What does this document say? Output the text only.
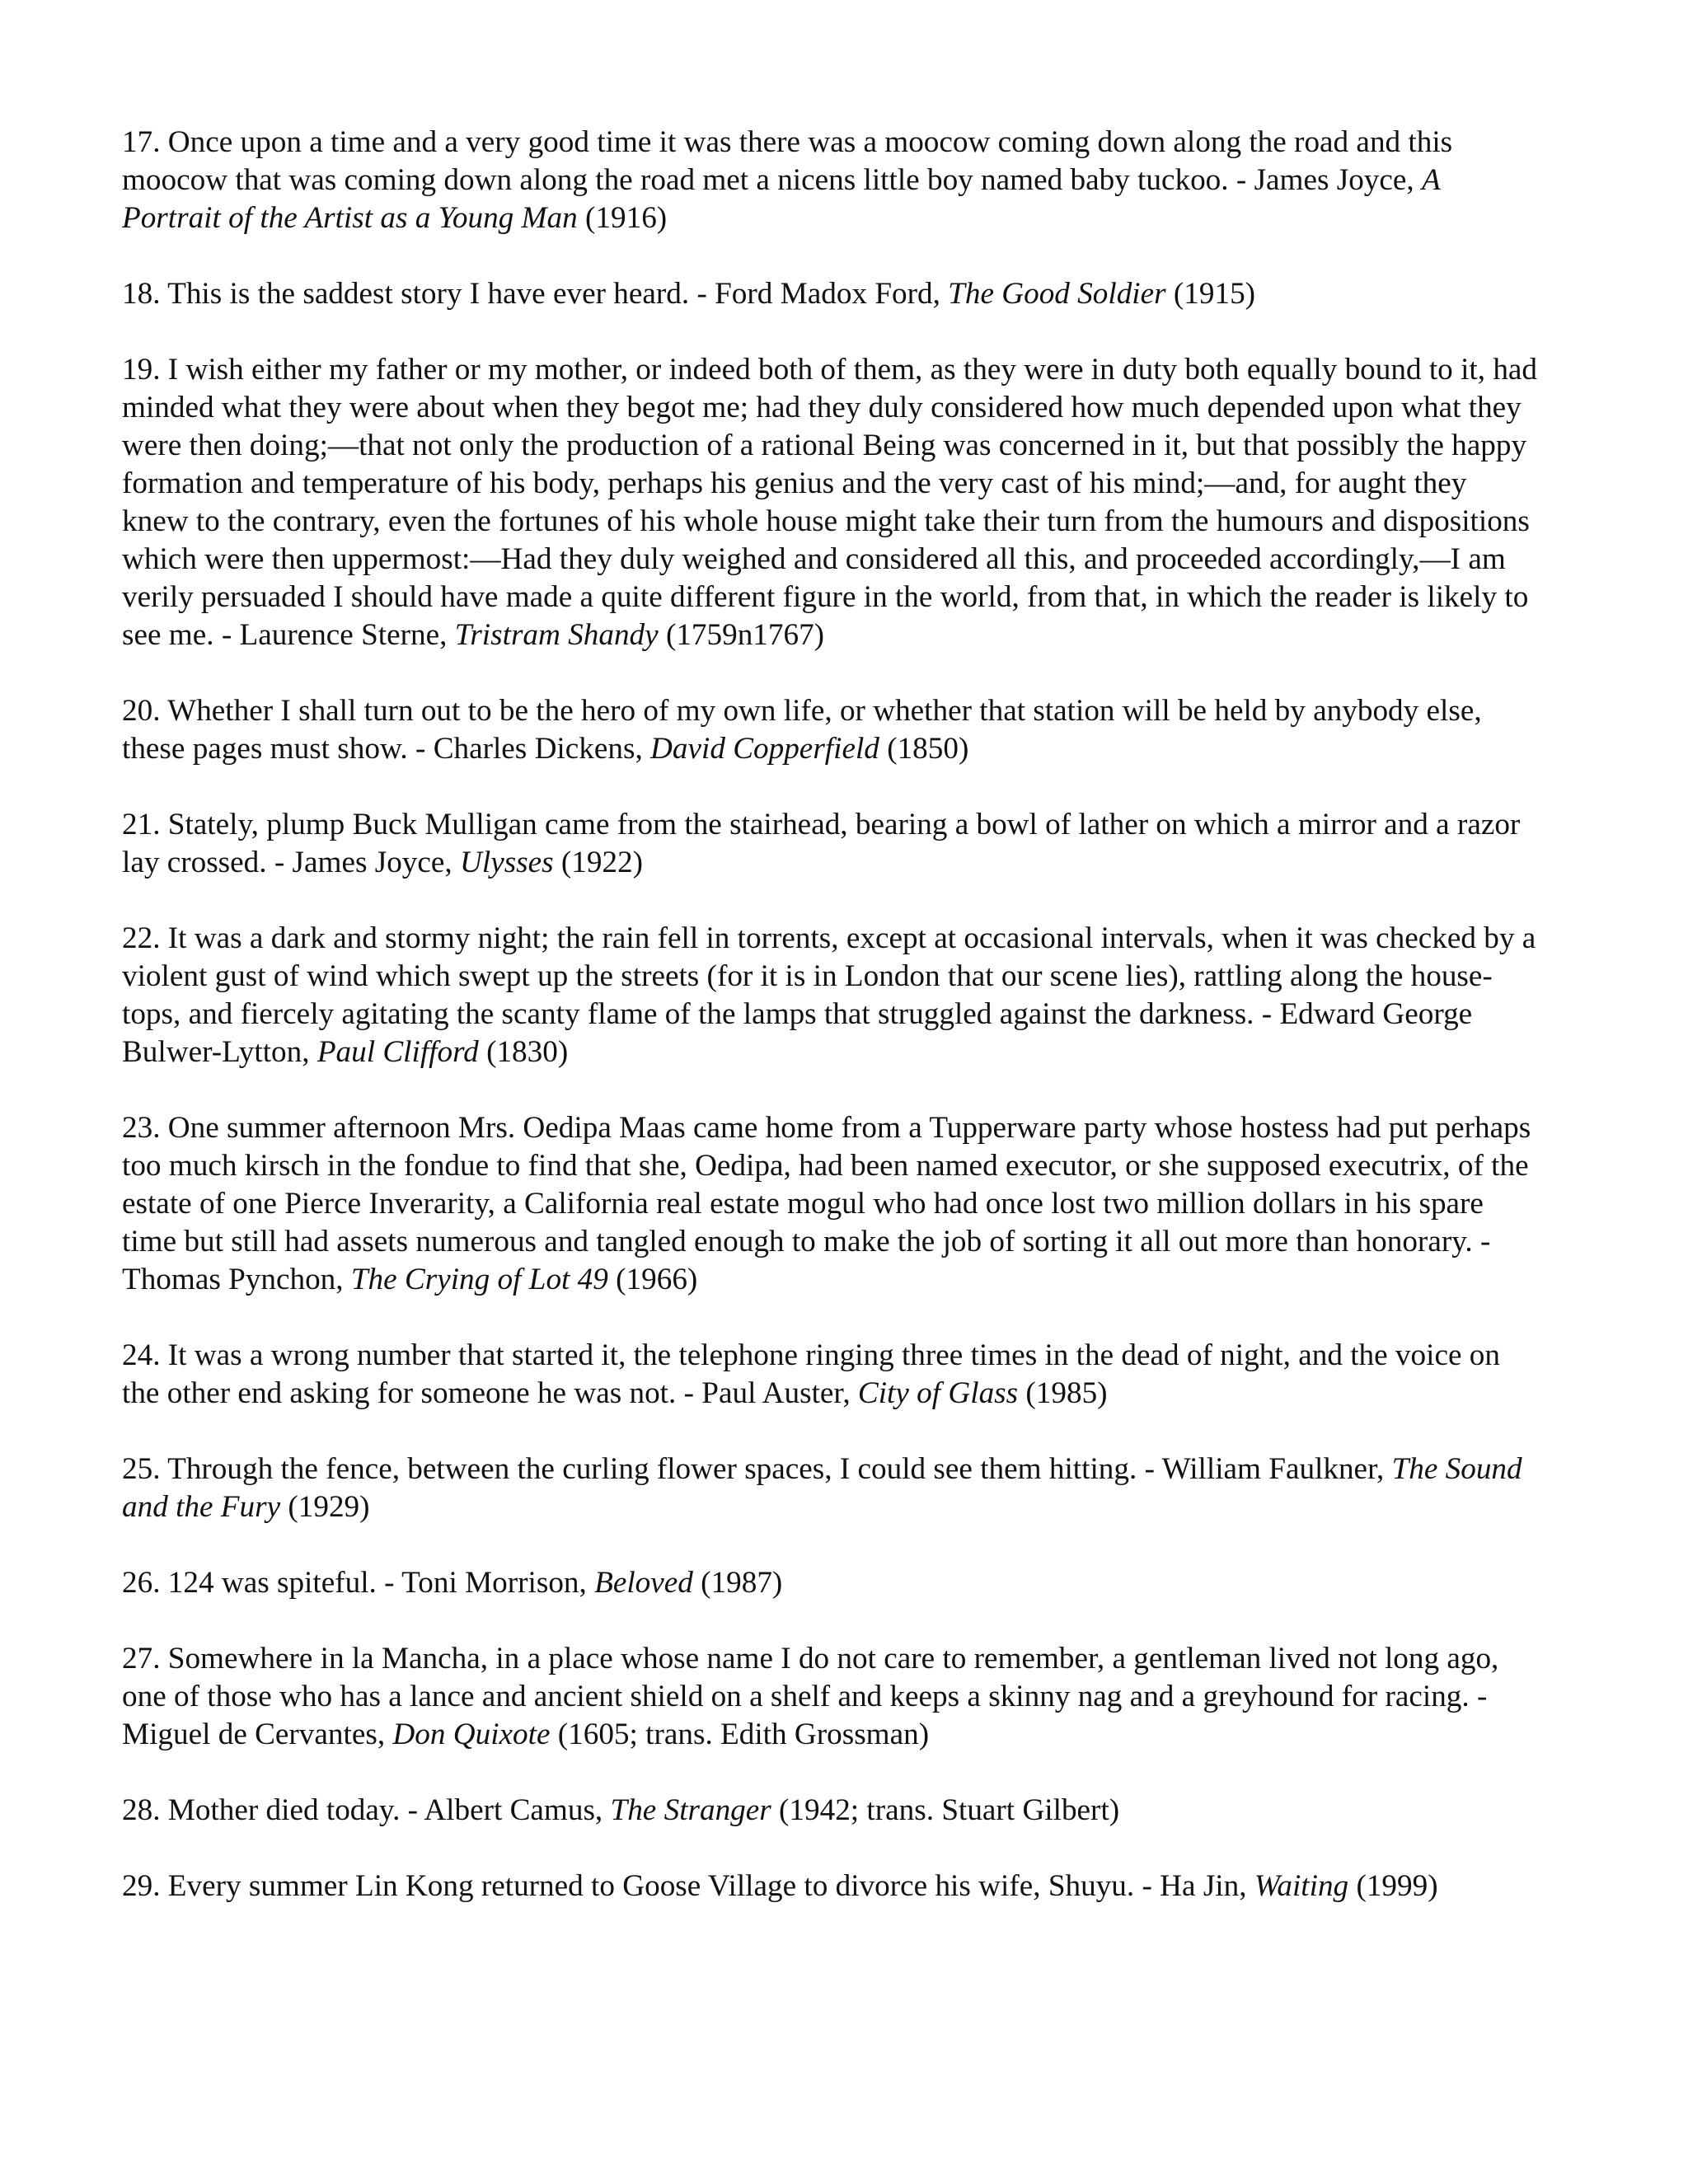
17. Once upon a time and a very good time it was there was a moocow coming down along the road and this moocow that was coming down along the road met a nicens little boy named baby tuckoo. - James Joyce, A Portrait of the Artist as a Young Man (1916)

18. This is the saddest story I have ever heard. - Ford Madox Ford, The Good Soldier (1915)

19. I wish either my father or my mother, or indeed both of them, as they were in duty both equally bound to it, had minded what they were about when they begot me; had they duly considered how much depended upon what they were then doing;—that not only the production of a rational Being was concerned in it, but that possibly the happy formation and temperature of his body, perhaps his genius and the very cast of his mind;—and, for aught they knew to the contrary, even the fortunes of his whole house might take their turn from the humours and dispositions which were then uppermost:—Had they duly weighed and considered all this, and proceeded accordingly,—I am verily persuaded I should have made a quite different figure in the world, from that, in which the reader is likely to see me. - Laurence Sterne, Tristram Shandy (1759n1767)

20. Whether I shall turn out to be the hero of my own life, or whether that station will be held by anybody else, these pages must show. - Charles Dickens, David Copperfield (1850)

21. Stately, plump Buck Mulligan came from the stairhead, bearing a bowl of lather on which a mirror and a razor lay crossed. - James Joyce, Ulysses (1922)

22. It was a dark and stormy night; the rain fell in torrents, except at occasional intervals, when it was checked by a violent gust of wind which swept up the streets (for it is in London that our scene lies), rattling along the house-tops, and fiercely agitating the scanty flame of the lamps that struggled against the darkness. - Edward George Bulwer-Lytton, Paul Clifford (1830)

23. One summer afternoon Mrs. Oedipa Maas came home from a Tupperware party whose hostess had put perhaps too much kirsch in the fondue to find that she, Oedipa, had been named executor, or she supposed executrix, of the estate of one Pierce Inverarity, a California real estate mogul who had once lost two million dollars in his spare time but still had assets numerous and tangled enough to make the job of sorting it all out more than honorary. - Thomas Pynchon, The Crying of Lot 49 (1966)

24. It was a wrong number that started it, the telephone ringing three times in the dead of night, and the voice on the other end asking for someone he was not. - Paul Auster, City of Glass (1985)

25. Through the fence, between the curling flower spaces, I could see them hitting. - William Faulkner, The Sound and the Fury (1929)

26. 124 was spiteful. - Toni Morrison, Beloved (1987)

27. Somewhere in la Mancha, in a place whose name I do not care to remember, a gentleman lived not long ago, one of those who has a lance and ancient shield on a shelf and keeps a skinny nag and a greyhound for racing. - Miguel de Cervantes, Don Quixote (1605; trans. Edith Grossman)

28. Mother died today. - Albert Camus, The Stranger (1942; trans. Stuart Gilbert)

29. Every summer Lin Kong returned to Goose Village to divorce his wife, Shuyu. - Ha Jin, Waiting (1999)
